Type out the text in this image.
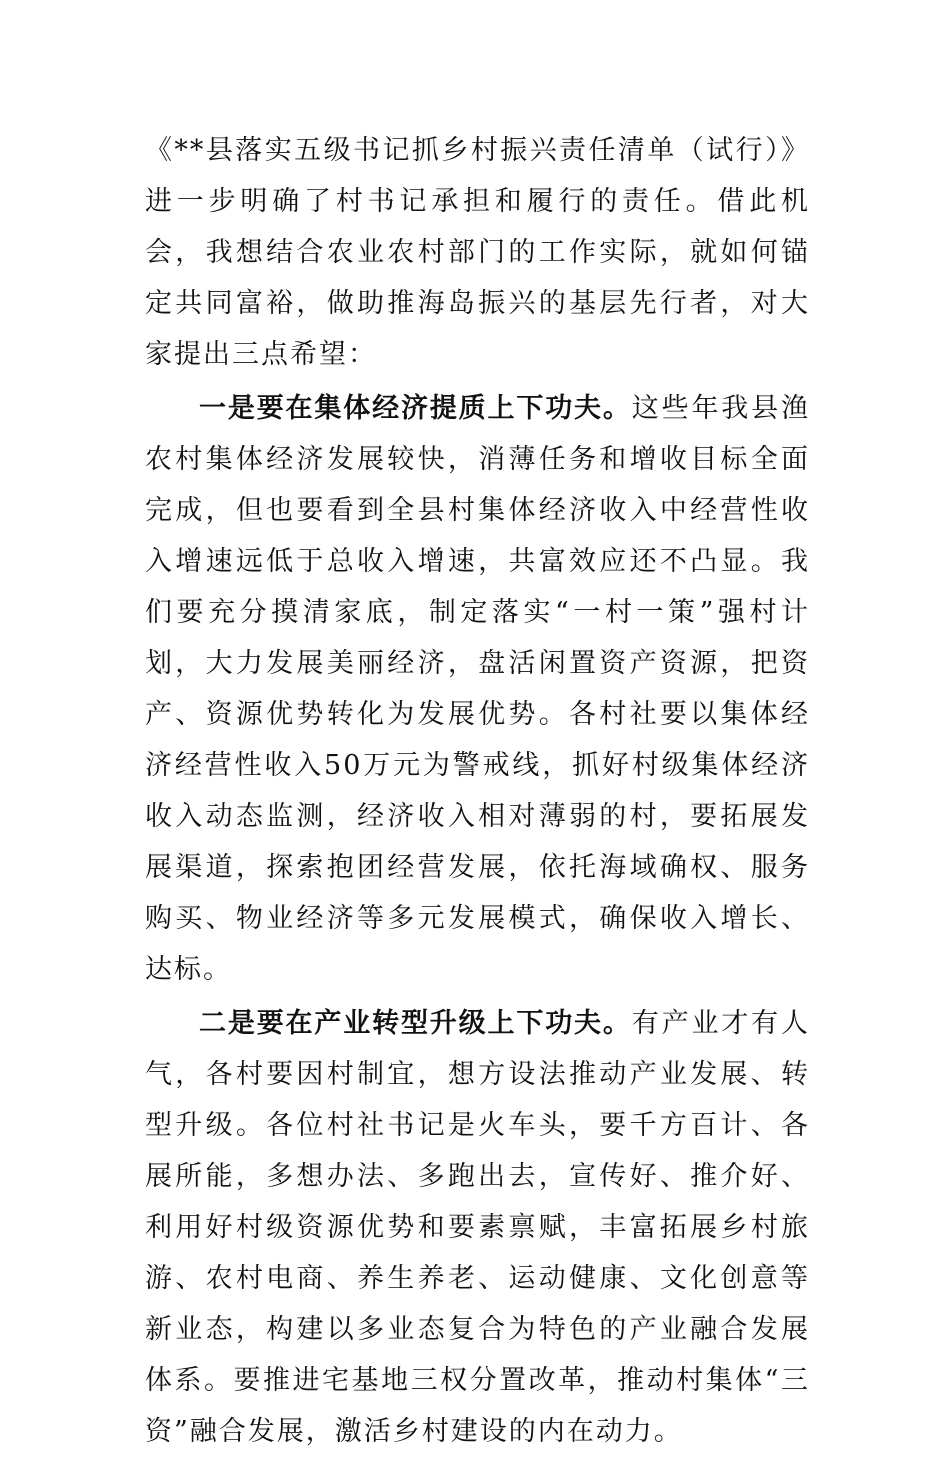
《**县落实五级书记抓乡村振兴责任清单（试行）》进一步明确了村书记承担和履行的责任。借此机会，我想结合农业农村部门的工作实际，就如何锚定共同富裕，做助推海岛振兴的基层先行者，对大家提出三点希望：

一是要在集体经济提质上下功夫。这些年我县渔农村集体经济发展较快，消薄任务和增收目标全面完成，但也要看到全县村集体经济收入中经营性收入增速远低于总收入增速，共富效应还不凸显。我们要充分摸清家底，制定落实“一村一策”强村计划，大力发展美丽经济，盘活闲置资产资源，把资产、资源优势转化为发展优势。各村社要以集体经济经营性收入50万元为警戒线，抓好村级集体经济收入动态监测，经济收入相对薄弱的村，要拓展发展渠道，探索抱团经营发展，依托海域确权、服务购买、物业经济等多元发展模式，确保收入增长、达标。

二是要在产业转型升级上下功夫。有产业才有人气，各村要因村制宜，想方设法推动产业发展、转型升级。各位村社书记是火车头，要千方百计、各展所能，多想办法、多跑出去，宣传好、推介好、利用好村级资源优势和要素禀赋，丰富拓展乡村旅游、农村电商、养生养老、运动健康、文化创意等新业态，构建以多业态复合为特色的产业融合发展体系。要推进宅基地三权分置改革，推动村集体“三资”融合发展，激活乡村建设的内在动力。
